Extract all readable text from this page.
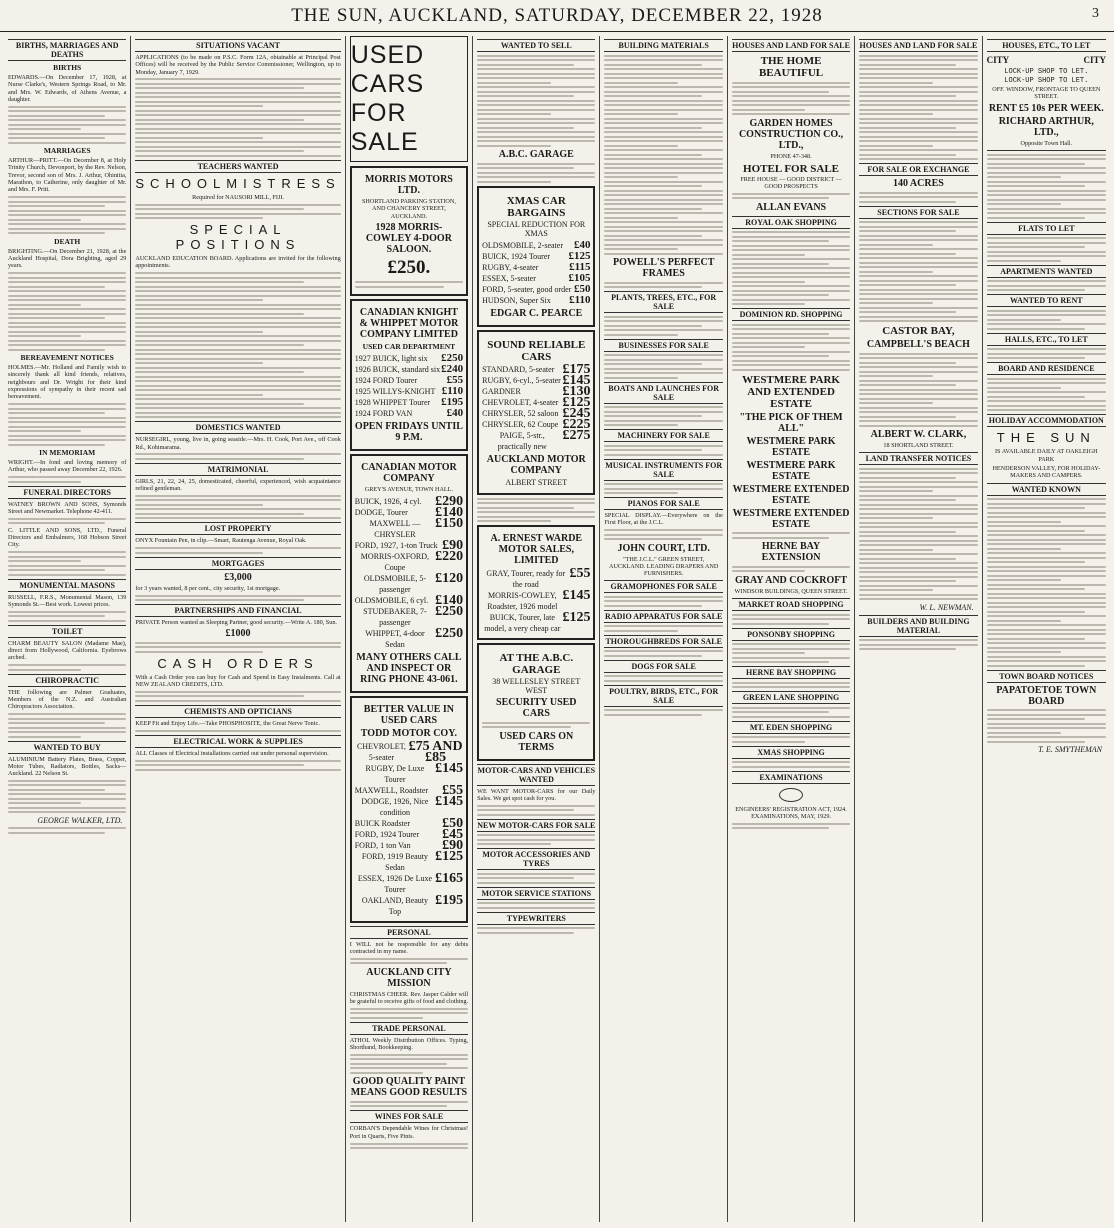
THE SUN, AUCKLAND, SATURDAY, DECEMBER 22, 1928	3
BIRTHS, MARRIAGES AND DEATHS
BIRTHS

EDWARDS.—On December 17, 1928, at Nurse Clarke's, Western Springs Road, to Mr. and Mrs. W. Edwards, of Athens Avenue, a daughter.

MARRIAGES

ARTHUR—PRITT.—On December 8, at Holy Trinity Church, Devonport, by the Rev. Nelson, Trevor, second son of Mrs. J. Arthur, Ohinitia, Marathon, to Catherine, only daughter of Mr. and Mrs. F. Pritt.

DEATH

BRIGHTING.—On December 21, 1928, at the Auckland Hospital, Dora Brighting, aged 29 years.

BEREAVEMENT NOTICES

HOLMES.—Mr. Holland and Family wish to sincerely thank all kind friends, relatives, neighbours and Dr. Wright for their kind expressions of sympathy in their recent sad bereavement.

IN MEMORIAM

WRIGHT.—In fond and loving memory of Arthur, who passed away December 22, 1926.

FUNERAL DIRECTORS

WATNEY BROWN AND SONS, Symonds Street and Newmarket. Telephone 42-411.

C. LITTLE AND SONS, LTD., Funeral Directors and Embalmers, 168 Hobson Street City.

MONUMENTAL MASONS

RUSSELL, F.R.S., Monumental Mason, 139 Symonds St.—Best work. Lowest prices.

TOILET

CHARM BEAUTY SALON (Madame Mae), direct from Hollywood, California. Eyebrows arched.

CHIROPRACTIC

THE following are Palmer Graduates, Members of the N.Z. and Australian Chiropractors Association.

WANTED TO BUY

ALUMINIUM Battery Plates, Brass, Copper, Motor Tubes, Radiators, Bottles, Sacks—Auckland. 22 Nelson St.

GEORGE WALKER, LTD.
SITUATIONS VACANT

APPLICATIONS (to be made on P.S.C. Form 12A, obtainable at Principal Post Offices) will be received by the Public Service Commissioner, Wellington, up to Monday, January 7, 1929.

TEACHERS WANTED
SCHOOLMISTRESS

Required for NAUSORI MILL, FIJI.

SPECIAL POSITIONS

AUCKLAND EDUCATION BOARD. Applications are invited for the following appointments.

DOMESTICS WANTED

NURSEGIRL, young, live in, going seaside.—Mrs. H. Cook, Port Ave., off Cook Rd., Kohimarama.

MATRIMONIAL

GIRLS, 21, 22, 24, 25, domesticated, cheerful, experienced, wish acquaintance refined gentleman.

LOST PROPERTY

ONYX Fountain Pen, in clip.—Smart, Rautenga Avenue, Royal Oak.

MORTGAGES
£3,000

for 3 years wanted, 8 per cent., city security, 1st mortgage.

PARTNERSHIPS AND FINANCIAL

PRIVATE Person wanted as Sleeping Partner, good security.—Write A. 180, Sun.

£1000
CASH ORDERS

With a Cash Order you can buy for Cash and Spend in Easy Instalments. Call at NEW ZEALAND CREDITS, LTD.

CHEMISTS AND OPTICIANS

KEEP Fit and Enjoy Life.—Take PHOSPHOSITE, the Great Nerve Tonic.

ELECTRICAL WORK & SUPPLIES

ALL Classes of Electrical installations carried out under personal supervision.

USED CARS FOR SALE
MORRIS MOTORS LTD.

SHORTLAND PARKING STATION, AND CHANCERY STREET, AUCKLAND.

1928 MORRIS-COWLEY 4-DOOR SALOON.
£250.
CANADIAN KNIGHT & WHIPPET MOTOR COMPANY LIMITED
USED CAR DEPARTMENT
1927 BUICK, light six £250
1926 BUICK, standard six £240
1924 FORD Tourer	£55
1925 WILLYS-KNIGHT £110
1928 WHIPPET Tourer £195
1924 FORD VAN	£40
OPEN FRIDAYS UNTIL 9 P.M.
CANADIAN MOTOR COMPANY

GREY'S AVENUE, TOWN HALL.

BUICK, 1926, 4 cyl. £290
DODGE, Tourer £140
MAXWELL — CHRYSLER
£150
FORD, 1927, 1-ton Truck £90
MORRIS-OXFORD, Coupe
£220
OLDSMOBILE, 5-passenger
£120
OLDSMOBILE, 6 cyl. £140
STUDEBAKER, 7-passenger
£250
WHIPPET, 4-door Sedan
£250
MANY OTHERS CALL AND INSPECT OR RING PHONE 43-061.
BETTER VALUE IN USED CARS
TODD MOTOR COY.
CHEVROLET, 5-seater
£75 AND £85
RUGBY, De Luxe Tourer
£145
MAXWELL, Roadster £55
DODGE, 1926, Nice condition
£145
BUICK Roadster £50
FORD, 1924 Tourer £45
FORD, 1 ton Van £90
FORD, 1919 Beauty Sedan
£125
ESSEX, 1926 De Luxe Tourer
£165
OAKLAND, Beauty Top
£195
PERSONAL

I WILL not be responsible for any debts contracted in my name.

AUCKLAND CITY MISSION

CHRISTMAS CHEER. Rev. Jasper Calder will be grateful to receive gifts of food and clothing.

TRADE PERSONAL

ATHOL Weekly Distribution Offices. Typing, Shorthand, Bookkeeping.

GOOD QUALITY PAINT MEANS GOOD RESULTS
WINES FOR SALE

CORBAN'S Dependable Wines for Christmas! Port in Quarts, Five Pints.

WANTED TO SELL
A.B.C. GARAGE
XMAS CAR BARGAINS
SPECIAL REDUCTION FOR XMAS
OLDSMOBILE, 2-seater £40
BUICK, 1924 Tourer £125
RUGBY, 4-seater	£115
ESSEX, 5-seater	£105
FORD, 5-seater, good order £50
HUDSON, Super Six £110
EDGAR C. PEARCE
SOUND RELIABLE CARS
STANDARD, 5-seater £175
RUGBY, 6-cyl., 5-seater £145
GARDNER	£130
CHEVROLET, 4-seater £125
CHRYSLER, 52 saloon £245
CHRYSLER, 62 Coupe £225
PAIGE, 5-str., practically new
£275
AUCKLAND MOTOR COMPANY
ALBERT STREET
A. ERNEST WARDE MOTOR SALES, LIMITED
GRAY, Tourer, ready for the road
£55
MORRIS-COWLEY, Roadster, 1926 model
£145
BUICK, Tourer, late model, a very cheap car
£125
AT THE A.B.C. GARAGE
38 WELLESLEY STREET WEST
SECURITY USED CARS
USED CARS ON TERMS
MOTOR-CARS AND VEHICLES WANTED

WE WANT MOTOR-CARS for our Daily Sales. We get spot cash for you.

NEW MOTOR-CARS FOR SALE
MOTOR ACCESSORIES AND TYRES
MOTOR SERVICE STATIONS
TYPEWRITERS
BUILDING MATERIALS
POWELL'S PERFECT FRAMES
PLANTS, TREES, ETC., FOR SALE
BUSINESSES FOR SALE
BOATS AND LAUNCHES FOR SALE
MACHINERY FOR SALE
MUSICAL INSTRUMENTS FOR SALE
PIANOS FOR SALE

SPECIAL DISPLAY.—Everywhere on the First Floor, at the J.C.L.

JOHN COURT, LTD.

"THE J.C.L." GREEN STREET, AUCKLAND. LEADING DRAPERS AND FURNISHERS.

GRAMOPHONES FOR SALE
RADIO APPARATUS FOR SALE
THOROUGHBREDS FOR SALE
DOGS FOR SALE
POULTRY, BIRDS, ETC., FOR SALE
HOUSES AND LAND FOR SALE
THE HOME BEAUTIFUL
GARDEN HOMES CONSTRUCTION CO., LTD.,

PHONE 47-348.

HOTEL FOR SALE

FREE HOUSE — GOOD DISTRICT — GOOD PROSPECTS

ALLAN EVANS
ROYAL OAK SHOPPING
DOMINION RD. SHOPPING
WESTMERE PARK AND EXTENDED ESTATE
"THE PICK OF THEM ALL"
WESTMERE PARK ESTATE
WESTMERE PARK ESTATE
WESTMERE EXTENDED ESTATE
WESTMERE EXTENDED ESTATE
HERNE BAY EXTENSION
GRAY AND COCKROFT

WINDSOR BUILDINGS, QUEEN STREET.

MARKET ROAD SHOPPING
PONSONBY SHOPPING
HERNE BAY SHOPPING
GREEN LANE SHOPPING
MT. EDEN SHOPPING
XMAS SHOPPING
EXAMINATIONS

ENGINEERS' REGISTRATION ACT, 1924. EXAMINATIONS, MAY, 1929.

HOUSES AND LAND FOR SALE
FOR SALE OR EXCHANGE
140 ACRES
SECTIONS FOR SALE
CASTOR BAY,
CAMPBELL'S BEACH
ALBERT W. CLARK,

18 SHORTLAND STREET.

LAND TRANSFER NOTICES
W. L. NEWMAN.
BUILDERS AND BUILDING MATERIAL
HOUSES, ETC., TO LET
CITY	CITY
LOCK-UP SHOP TO LET.
LOCK-UP SHOP TO LET.

OFF. WINDOW, FRONTAGE TO QUEEN STREET.

RENT £5 10s PER WEEK.
RICHARD ARTHUR, LTD.,

Opposite Town Hall.

FLATS TO LET
APARTMENTS WANTED
WANTED TO RENT
HALLS, ETC., TO LET
BOARD AND RESIDENCE
HOLIDAY ACCOMMODATION
THE SUN

IS AVAILABLE DAILY AT OAKLEIGH PARK

HENDERSON VALLEY, FOR HOLIDAY-MAKERS AND CAMPERS.

WANTED KNOWN
TOWN BOARD NOTICES
PAPATOETOE TOWN BOARD
T. E. SMYTHEMAN
